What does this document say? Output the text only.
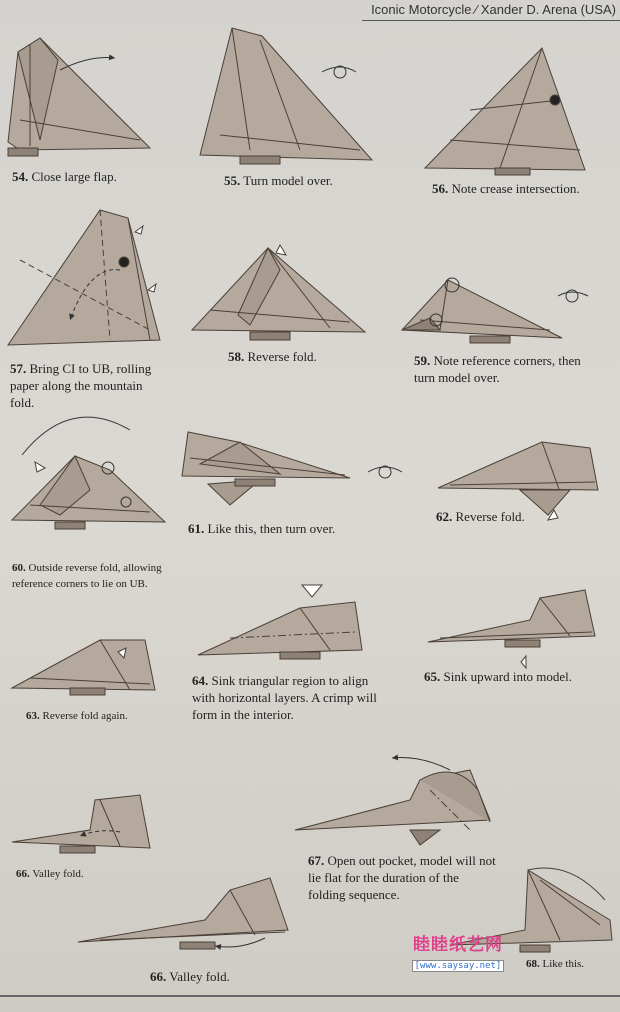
Iconic Motorcycle ⁄ Xander D. Arena (USA)
54. Close large flap.	55. Turn model over.
56. Note crease intersection.
57. Bring CI to UB, rolling paper along the mountain fold.
58. Reverse fold.	59. Note reference corners, then turn model over.
60. Outside reverse fold, allowing reference corners to lie on UB.
61. Like this, then turn over.
62. Reverse fold.
63. Reverse fold again.
64. Sink triangular region to align with horizontal layers. A crimp will form in the interior.
65. Sink upward into model.
66. Valley fold.
67. Open out pocket, model will not lie flat for the duration of the folding sequence.
66. Valley fold.
68. Like this.
睦睦纸艺网
[www.saysay.net]
